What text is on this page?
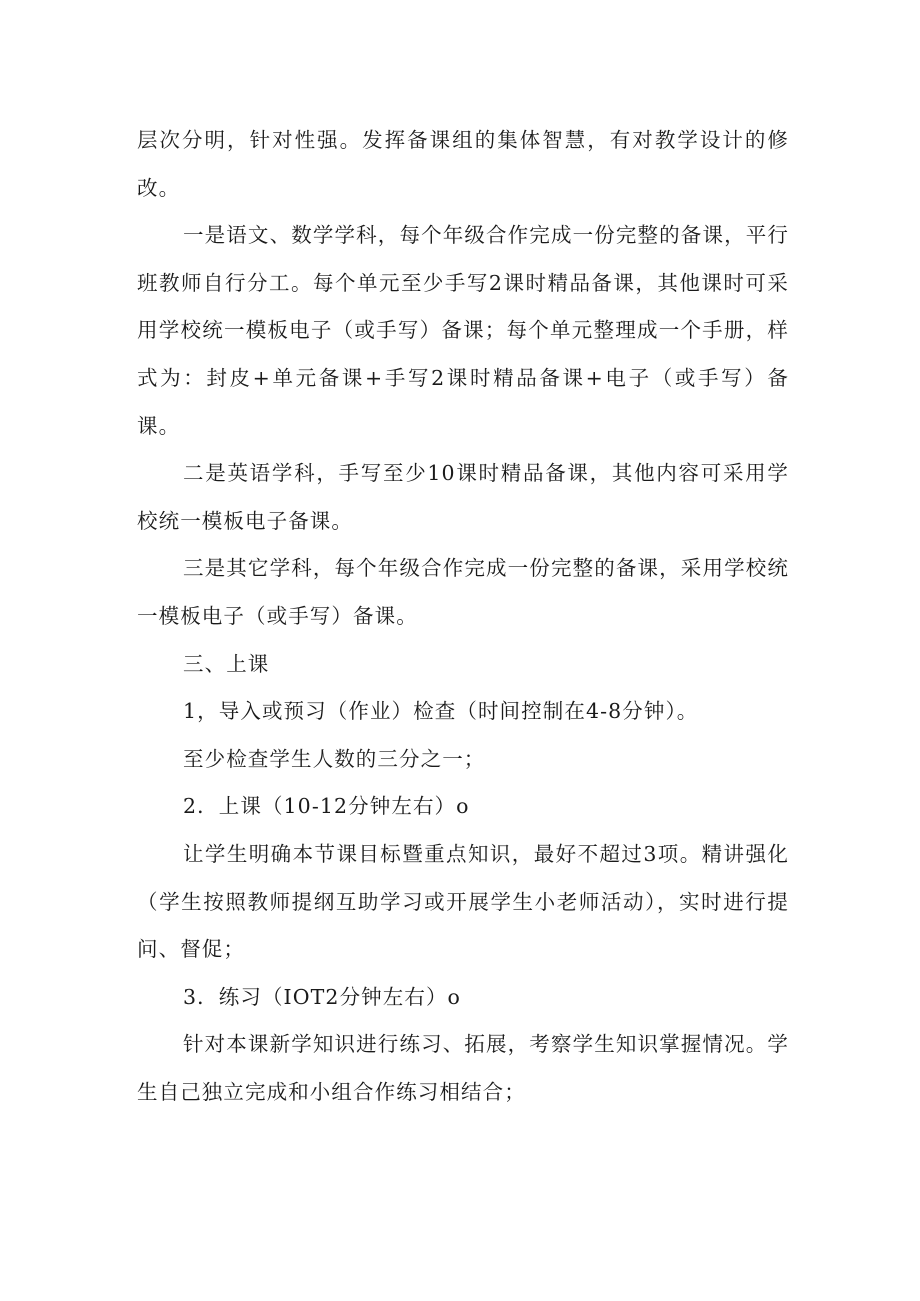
层次分明，针对性强。发挥备课组的集体智慧，有对教学设计的修改。

一是语文、数学学科，每个年级合作完成一份完整的备课，平行班教师自行分工。每个单元至少手写2课时精品备课，其他课时可采用学校统一模板电子（或手写）备课；每个单元整理成一个手册，样式为：封皮+单元备课+手写2课时精品备课+电子（或手写）备课。

二是英语学科，手写至少10课时精品备课，其他内容可采用学校统一模板电子备课。

三是其它学科，每个年级合作完成一份完整的备课，采用学校统一模板电子（或手写）备课。

三、上课

1，导入或预习（作业）检查（时间控制在4-8分钟）。

至少检查学生人数的三分之一；

2．上课（10-12分钟左右）o

让学生明确本节课目标暨重点知识，最好不超过3项。精讲强化（学生按照教师提纲互助学习或开展学生小老师活动），实时进行提问、督促；

3．练习（IOT2分钟左右）o

针对本课新学知识进行练习、拓展，考察学生知识掌握情况。学生自己独立完成和小组合作练习相结合；
